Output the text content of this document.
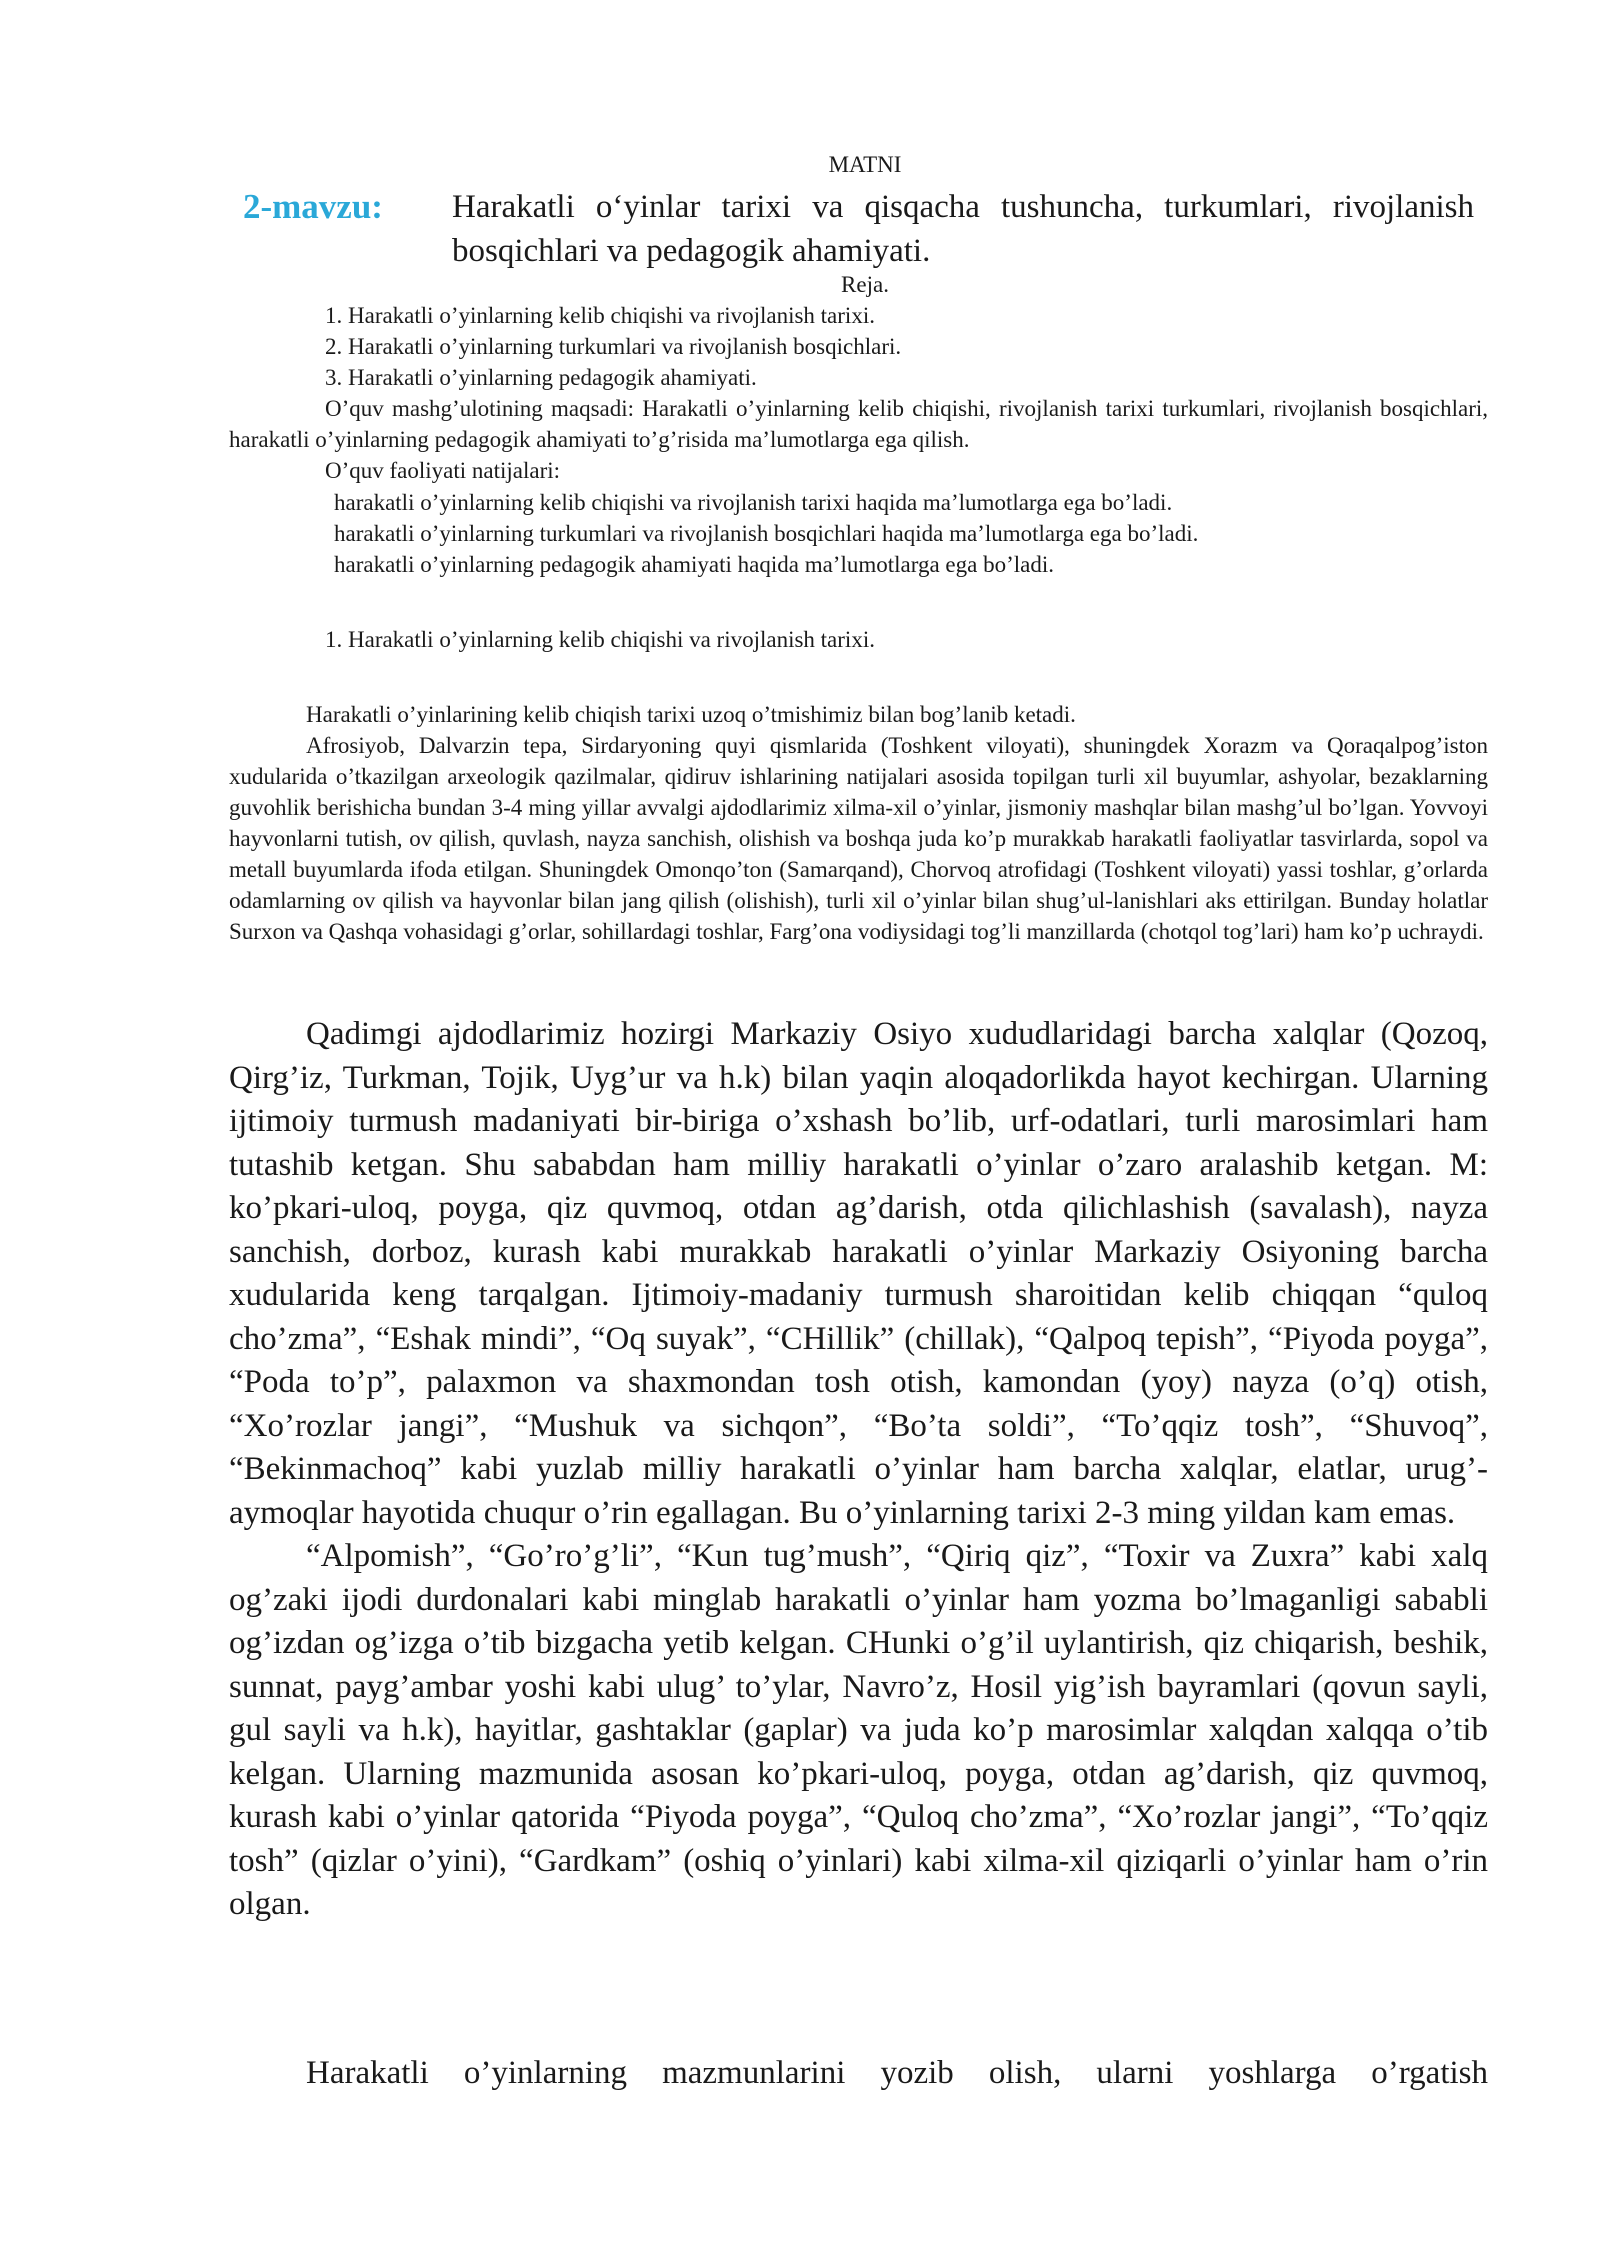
MATNI
2-mavzu: Harakatli o‘yinlar tarixi va qisqacha tushuncha, turkumlari, rivojlanish bosqichlari va pedagogik ahamiyati.
Reja.
1. Harakatli o’yinlarning kelib chiqishi va rivojlanish tarixi.
2. Harakatli o’yinlarning turkumlari va rivojlanish bosqichlari.
3. Harakatli o’yinlarning pedagogik ahamiyati.
O’quv mashg’ulotining maqsadi: Harakatli o’yinlarning kelib chiqishi, rivojlanish tarixi turkumlari, rivojlanish bosqichlari, harakatli o’yinlarning pedagogik ahamiyati to’g’risida ma’lumotlarga ega qilish.
O’quv faoliyati natijalari:
harakatli o’yinlarning kelib chiqishi va rivojlanish tarixi haqida ma’lumotlarga ega bo’ladi.
harakatli o’yinlarning turkumlari va rivojlanish bosqichlari haqida ma’lumotlarga ega bo’ladi.
harakatli o’yinlarning pedagogik ahamiyati haqida ma’lumotlarga ega bo’ladi.
1. Harakatli o’yinlarning kelib chiqishi va rivojlanish tarixi.

Harakatli o’yinlarining kelib chiqish tarixi uzoq o’tmishimiz bilan bog’lanib ketadi.

Afrosiyob, Dalvarzin tepa, Sirdaryoning quyi qismlarida (Toshkent viloyati), shuningdek Xorazm va Qoraqalpog’iston xudularida o’tkazilgan arxeologik qazilmalar, qidiruv ishlarining natijalari asosida topilgan turli xil buyumlar, ashyolar, bezaklarning guvohlik berishicha bundan 3-4 ming yillar avvalgi ajdodlarimiz xilma-xil o’yinlar, jismoniy mashqlar bilan mashg’ul bo’lgan. Yovvoyi hayvonlarni tutish, ov qilish, quvlash, nayza sanchish, olishish va boshqa juda ko’p murakkab harakatli faoliyatlar tasvirlarda, sopol va metall buyumlarda ifoda etilgan. Shuningdek Omonqo’ton (Samarqand), Chorvoq atrofidagi (Toshkent viloyati) yassi toshlar, g’orlarda odamlarning ov qilish va hayvonlar bilan jang qilish (olishish), turli xil o’yinlar bilan shug’ul-lanishlari aks ettirilgan. Bunday holatlar Surxon va Qashqa vohasidagi g’orlar, sohillardagi toshlar, Farg’ona vodiysidagi tog’li manzillarda (chotqol tog’lari) ham ko’p uchraydi.

Qadimgi ajdodlarimiz hozirgi Markaziy Osiyo xududlaridagi barcha xalqlar (Qozoq, Qirg’iz, Turkman, Tojik, Uyg’ur va h.k) bilan yaqin aloqadorlikda hayot kechirgan. Ularning ijtimoiy turmush madaniyati bir-biriga o’xshash bo’lib, urf-odatlari, turli marosimlari ham tutashib ketgan. Shu sababdan ham milliy harakatli o’yinlar o’zaro aralashib ketgan. M: ko’pkari-uloq, poyga, qiz quvmoq, otdan ag’darish, otda qilichlashish (savalash), nayza sanchish, dorboz, kurash kabi murakkab harakatli o’yinlar Markaziy Osiyoning barcha xudularida keng tarqalgan. Ijtimoiy-madaniy turmush sharoitidan kelib chiqqan “quloq cho’zma”, “Eshak mindi”, “Oq suyak”, “CHillik” (chillak), “Qalpoq tepish”, “Piyoda poyga”, “Poda to’p”, palaxmon va shaxmondan tosh otish, kamondan (yoy) nayza (o’q) otish, “Xo’rozlar jangi”, “Mushuk va sichqon”, “Bo’ta soldi”, “To’qqiz tosh”, “Shuvoq”, “Bekinmachoq” kabi yuzlab milliy harakatli o’yinlar ham barcha xalqlar, elatlar, urug’-aymoqlar hayotida chuqur o’rin egallagan. Bu o’yinlarning tarixi 2-3 ming yildan kam emas.

“Alpomish”, “Go’ro’g’li”, “Kun tug’mush”, “Qiriq qiz”, “Toxir va Zuxra” kabi xalq og’zaki ijodi durdonalari kabi minglab harakatli o’yinlar ham yozma bo’lmaganligi sababli og’izdan og’izga o’tib bizgacha yetib kelgan. CHunki o’g’il uylantirish, qiz chiqarish, beshik, sunnat, payg’ambar yoshi kabi ulug’ to’ylar, Navro’z, Hosil yig’ish bayramlari (qovun sayli, gul sayli va h.k), hayitlar, gashtaklar (gaplar) va juda ko’p marosimlar xalqdan xalqqa o’tib kelgan. Ularning mazmunida asosan ko’pkari-uloq, poyga, otdan ag’darish, qiz quvmoq, kurash kabi o’yinlar qatorida “Piyoda poyga”, “Quloq cho’zma”, “Xo’rozlar jangi”, “To’qqiz tosh” (qizlar o’yini), “Gardkam” (oshiq o’yinlari) kabi xilma-xil qiziqarli o’yinlar ham o’rin olgan.

Harakatli o’yinlarning mazmunlarini yozib olish, ularni yoshlarga o’rgatish
